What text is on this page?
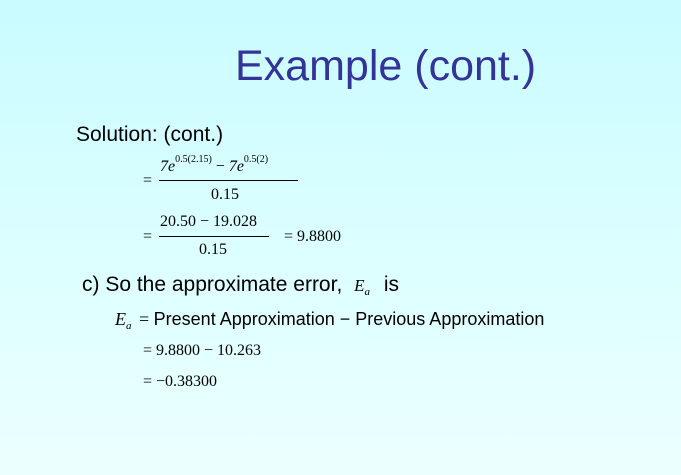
Example (cont.)
Solution: (cont.)
=
$7e^{0.5(2.15)} - 7e^{0.5(2)}$
0.15
=
20.50 − 19.028
0.15
= 9.8800
c) So the approximate error, $E_a$ is
$E_a$ = Present Approximation − Previous Approximation
= 9.8800 − 10.263
= −0.38300
